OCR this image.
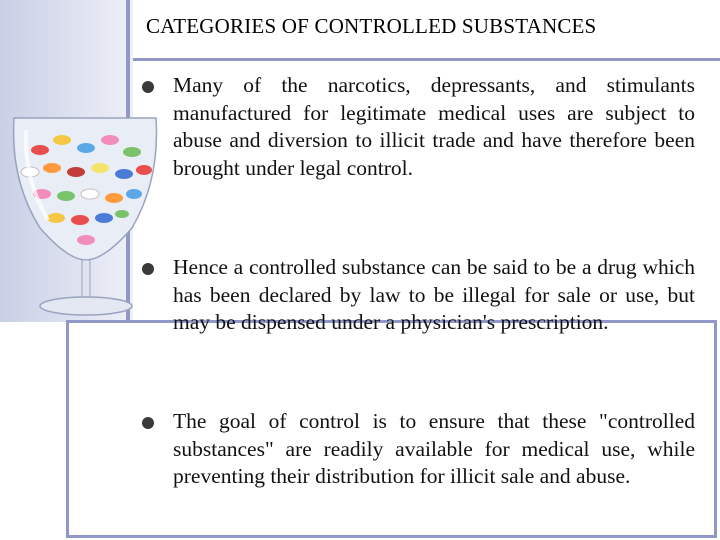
CATEGORIES OF CONTROLLED SUBSTANCES
Many of the narcotics, depressants, and stimulants manufactured for legitimate medical uses are subject to abuse and diversion to illicit trade and have therefore been brought under legal control.
Hence a controlled substance can be said to be a drug which has been declared by law to be illegal for sale or use, but may be dispensed under a physician's prescription.
The goal of control is to ensure that these "controlled substances" are readily available for medical use, while preventing their distribution for illicit sale and abuse.
